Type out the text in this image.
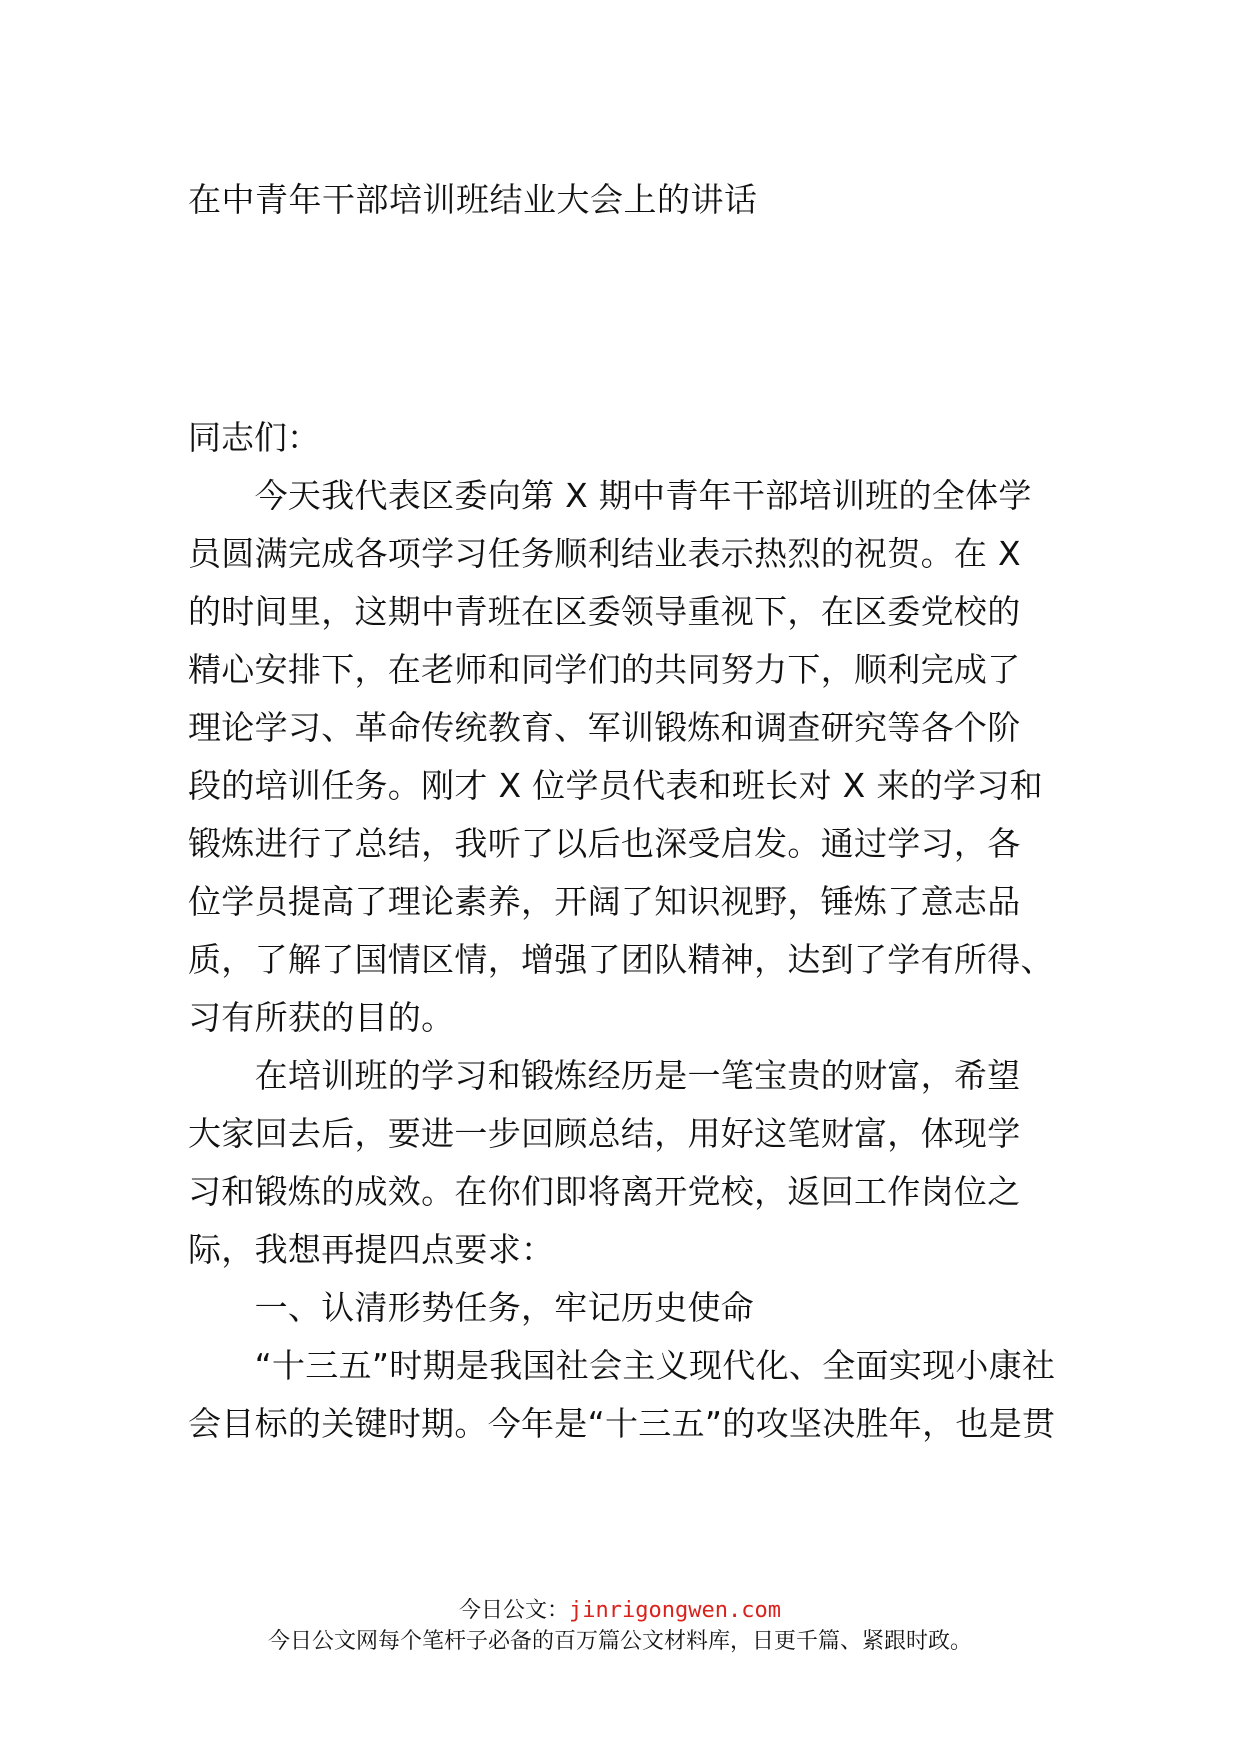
在中青年干部培训班结业大会上的讲话
同志们：
　　今天我代表区委向第 X 期中青年干部培训班的全体学
员圆满完成各项学习任务顺利结业表示热烈的祝贺。在 X
的时间里，这期中青班在区委领导重视下，在区委党校的
精心安排下，在老师和同学们的共同努力下，顺利完成了
理论学习、革命传统教育、军训锻炼和调查研究等各个阶
段的培训任务。刚才 X 位学员代表和班长对 X 来的学习和
锻炼进行了总结，我听了以后也深受启发。通过学习，各
位学员提高了理论素养，开阔了知识视野，锤炼了意志品
质，了解了国情区情，增强了团队精神，达到了学有所得、
习有所获的目的。
　　在培训班的学习和锻炼经历是一笔宝贵的财富，希望
大家回去后，要进一步回顾总结，用好这笔财富，体现学
习和锻炼的成效。在你们即将离开党校，返回工作岗位之
际，我想再提四点要求：
　　一、认清形势任务，牢记历史使命
　　“十三五”时期是我国社会主义现代化、全面实现小康社
会目标的关键时期。今年是“十三五”的攻坚决胜年，也是贯
今日公文：jinrigongwen.com
今日公文网每个笔杆子必备的百万篇公文材料库，日更千篇、紧跟时政。
